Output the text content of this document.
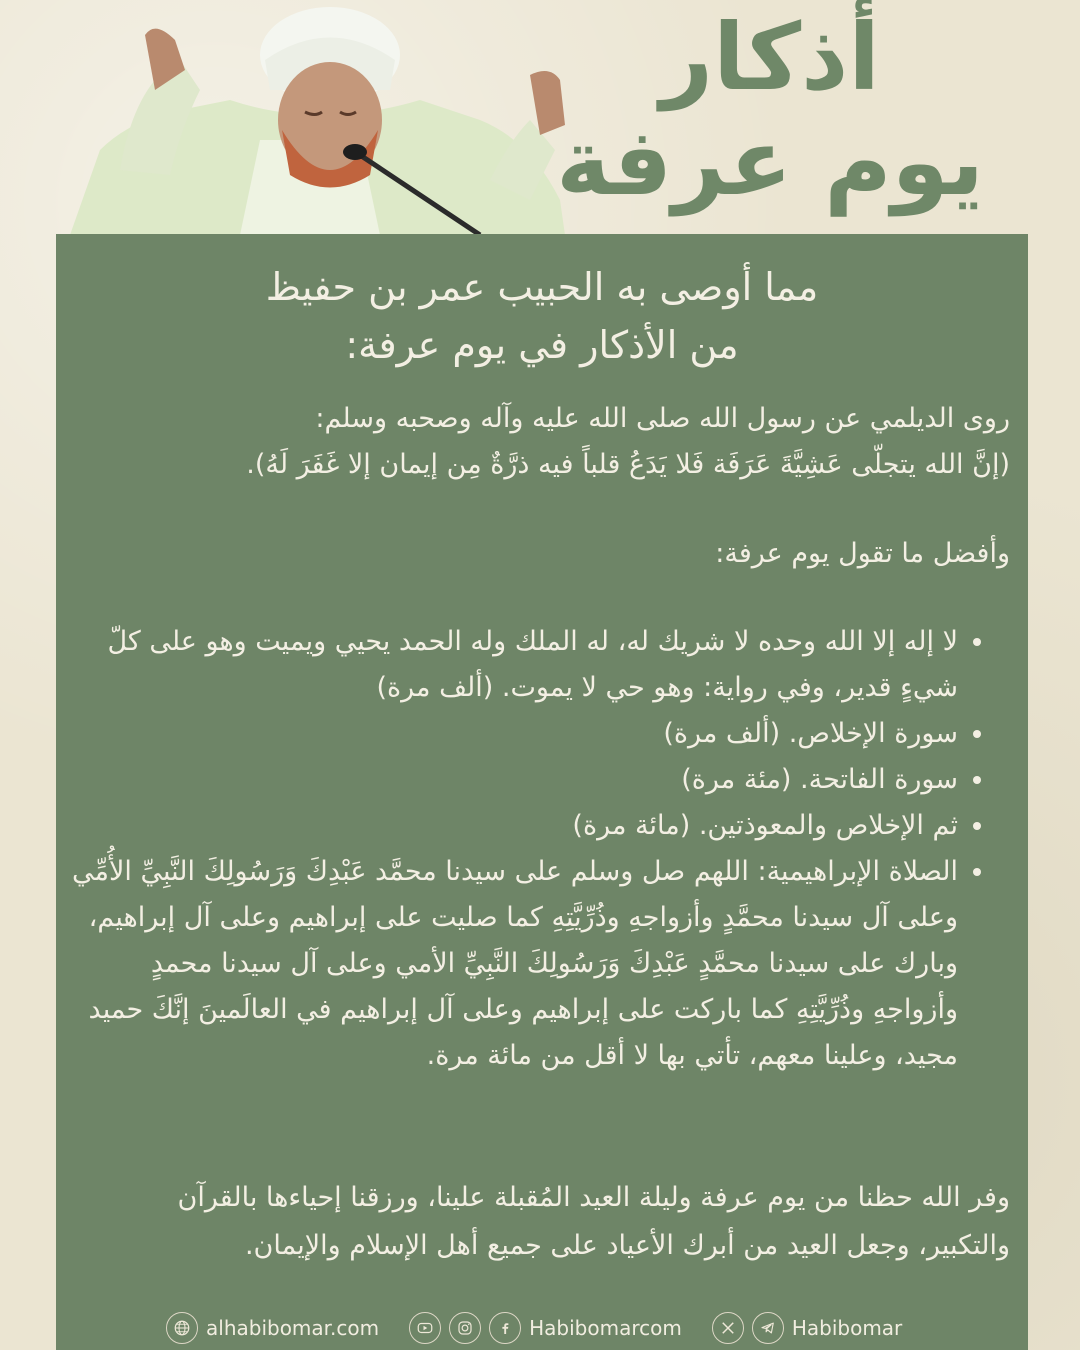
أذكار
يوم عرفة
مما أوصى به الحبيب عمر بن حفيظ
من الأذكار في يوم عرفة:
روى الديلمي عن رسول الله صلى الله عليه وآله وصحبه وسلم:
(إنَّ الله يتجلّى عَشِيَّةَ عَرَفَة فَلا يَدَعُ قلباً فيه ذرَّةٌ مِن إيمان إلا غَفَرَ لَهُ).
وأفضل ما تقول يوم عرفة:
• لا إله إلا الله وحده لا شريك له، له الملك وله الحمد يحيي ويميت وهو على كلّ شيءٍ قدير، وفي رواية: وهو حي لا يموت. (ألف مرة)
• سورة الإخلاص. (ألف مرة)
• سورة الفاتحة. (مئة مرة)
• ثم الإخلاص والمعوذتين. (مائة مرة)
• الصلاة الإبراهيمية: اللهم صل وسلم على سيدنا محمَّد عَبْدِكَ وَرَسُولِكَ النَّبِيِّ الأُمِّي وعلى آل سيدنا محمَّدٍ وأزواجهِ وذُرِّيَّتِهِ كما صليت على إبراهيم وعلى آل إبراهيم، وبارك على سيدنا محمَّدٍ عَبْدِكَ وَرَسُولِكَ النَّبِيِّ الأمي وعلى آل سيدنا محمدٍ وأزواجهِ وذُرِّيَّتِهِ كما باركت على إبراهيم وعلى آل إبراهيم في العالَمينَ إنَّكَ حميد مجيد، وعلينا معهم، تأتي بها لا أقل من مائة مرة.
وفر الله حظنا من يوم عرفة وليلة العيد المُقبلة علينا، ورزقنا إحياءها بالقرآن والتكبير، وجعل العيد من أبرك الأعياد على جميع أهل الإسلام والإيمان.
alhabibomar.com	Habibomarcom	Habibomar
